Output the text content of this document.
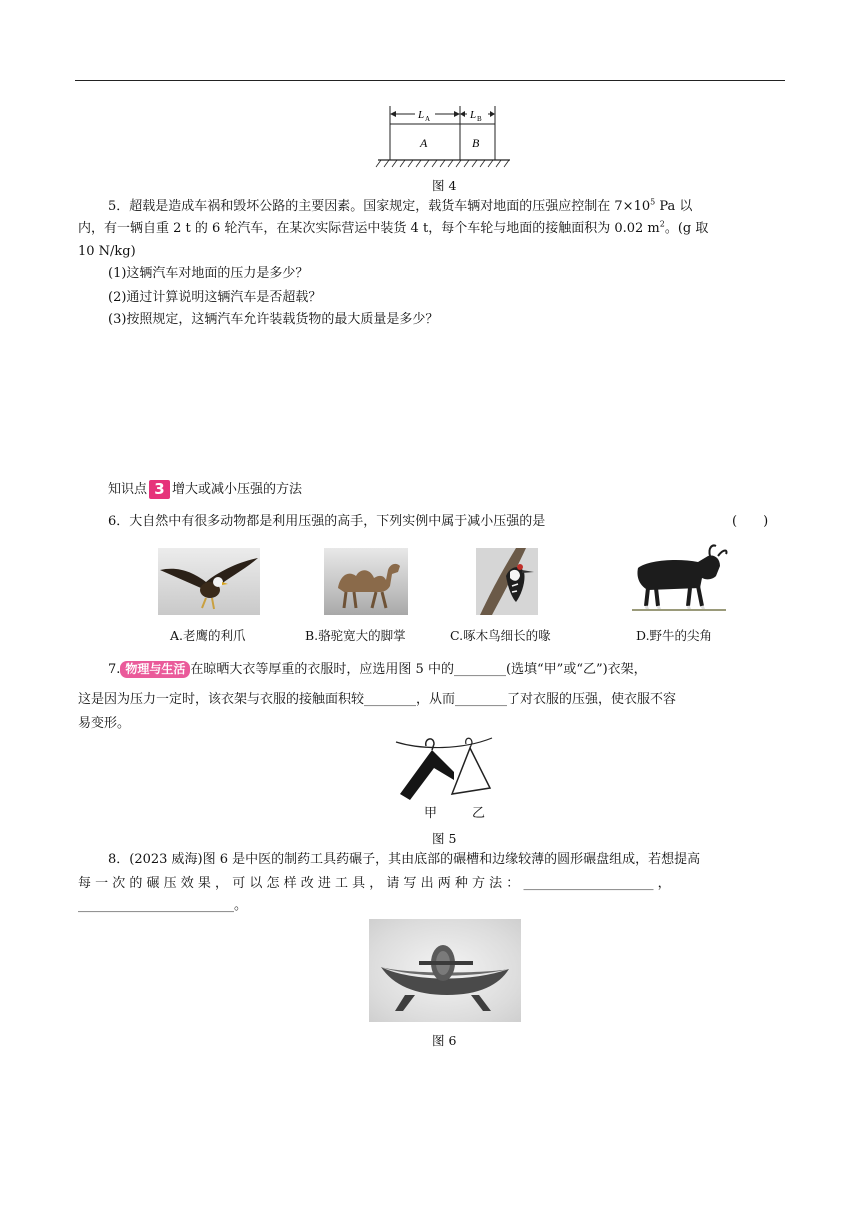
L A	L B
A	B
图 4
5．超载是造成车祸和毁坏公路的主要因素。国家规定，载货车辆对地面的压强应控制在 $7\times 10^5$ Pa 以
内，有一辆自重 2 t 的 6 轮汽车，在某次实际营运中装货 4 t，每个车轮与地面的接触面积为 0.02 $m^2$。(g 取
10 N/kg)
(1)这辆汽车对地面的压力是多少？
(2)通过计算说明这辆汽车是否超载？
(3)按照规定，这辆汽车允许装载货物的最大质量是多少？
知识点 3 增大或减小压强的方法
6．大自然中有很多动物都是利用压强的高手，下列实例中属于减小压强的是	(　　)
A.老鹰的利爪	B.骆驼宽大的脚掌	C.啄木鸟细长的喙	D.野牛的尖角
7. 物理与生活 在晾晒大衣等厚重的衣服时，应选用图 5 中的________(选填“甲”或“乙”)衣架，
这是因为压力一定时，该衣架与衣服的接触面积较________，从而________了对衣服的压强，使衣服不容
易变形。
甲	乙
图 5
8．(2023 威海)图 6 是中医的制药工具药碾子，其由底部的碾槽和边缘较薄的圆形碾盘组成，若想提高
每 一 次 的 碾 压 效 果 ， 可 以 怎 样 改 进 工 具 ， 请 写 出 两 种 方 法 ： ____________________ ，
________________________。
图 6
